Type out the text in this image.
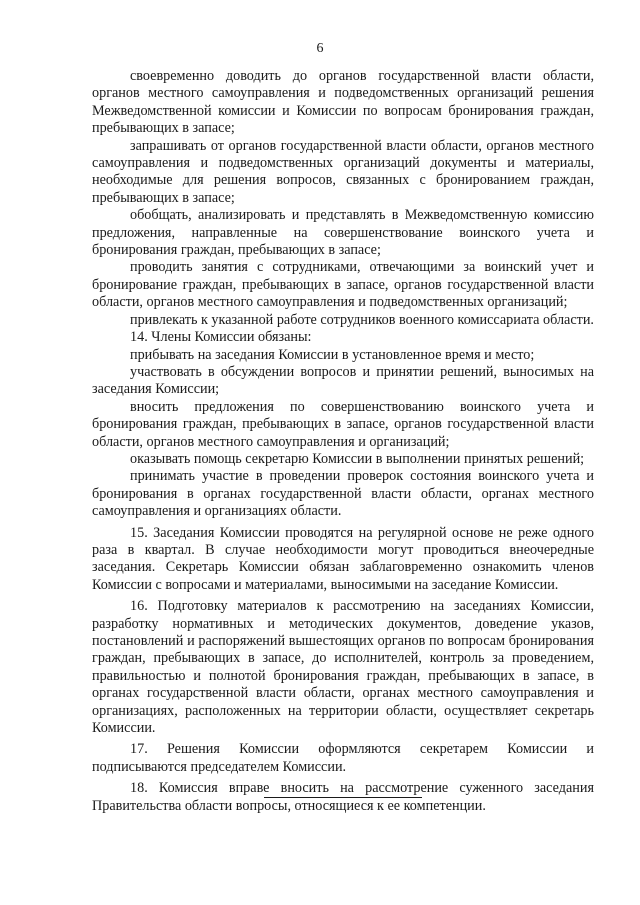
6

своевременно доводить до органов государственной власти области, органов местного самоуправления и подведомственных организаций решения Межведомственной комиссии и Комиссии по вопросам бронирования граждан, пребывающих в запасе;

запрашивать от органов государственной власти области, органов местного самоуправления и подведомственных организаций документы и материалы, необходимые для решения вопросов, связанных с бронированием граждан, пребывающих в запасе;

обобщать, анализировать и представлять в Межведомственную комиссию предложения, направленные на совершенствование воинского учета и бронирования граждан, пребывающих в запасе;

проводить занятия с сотрудниками, отвечающими за воинский учет и бронирование граждан, пребывающих в запасе, органов государственной власти области, органов местного самоуправления и подведомственных организаций;

привлекать к указанной работе сотрудников военного комиссариата области.

14. Члены Комиссии обязаны:

прибывать на заседания Комиссии в установленное время и место;

участвовать в обсуждении вопросов и принятии решений, выносимых на заседания Комиссии;

вносить предложения по совершенствованию воинского учета и бронирования граждан, пребывающих в запасе, органов государственной власти области, органов местного самоуправления и организаций;

оказывать помощь секретарю Комиссии в выполнении принятых решений;

принимать участие в проведении проверок состояния воинского учета и бронирования в органах государственной власти области, органах местного самоуправления и организациях области.

15. Заседания Комиссии проводятся на регулярной основе не реже одного раза в квартал. В случае необходимости могут проводиться внеочередные заседания. Секретарь Комиссии обязан заблаговременно ознакомить членов Комиссии с вопросами и материалами, выносимыми на заседание Комиссии.

16. Подготовку материалов к рассмотрению на заседаниях Комиссии, разработку нормативных и методических документов, доведение указов, постановлений и распоряжений вышестоящих органов по вопросам бронирования граждан, пребывающих в запасе, до исполнителей, контроль за проведением, правильностью и полнотой бронирования граждан, пребывающих в запасе, в органах государственной власти области, органах местного самоуправления и организациях, расположенных на территории области, осуществляет секретарь Комиссии.

17. Решения Комиссии оформляются секретарем Комиссии и подписываются председателем Комиссии.

18. Комиссия вправе вносить на рассмотрение суженного заседания Правительства области вопросы, относящиеся к ее компетенции.
